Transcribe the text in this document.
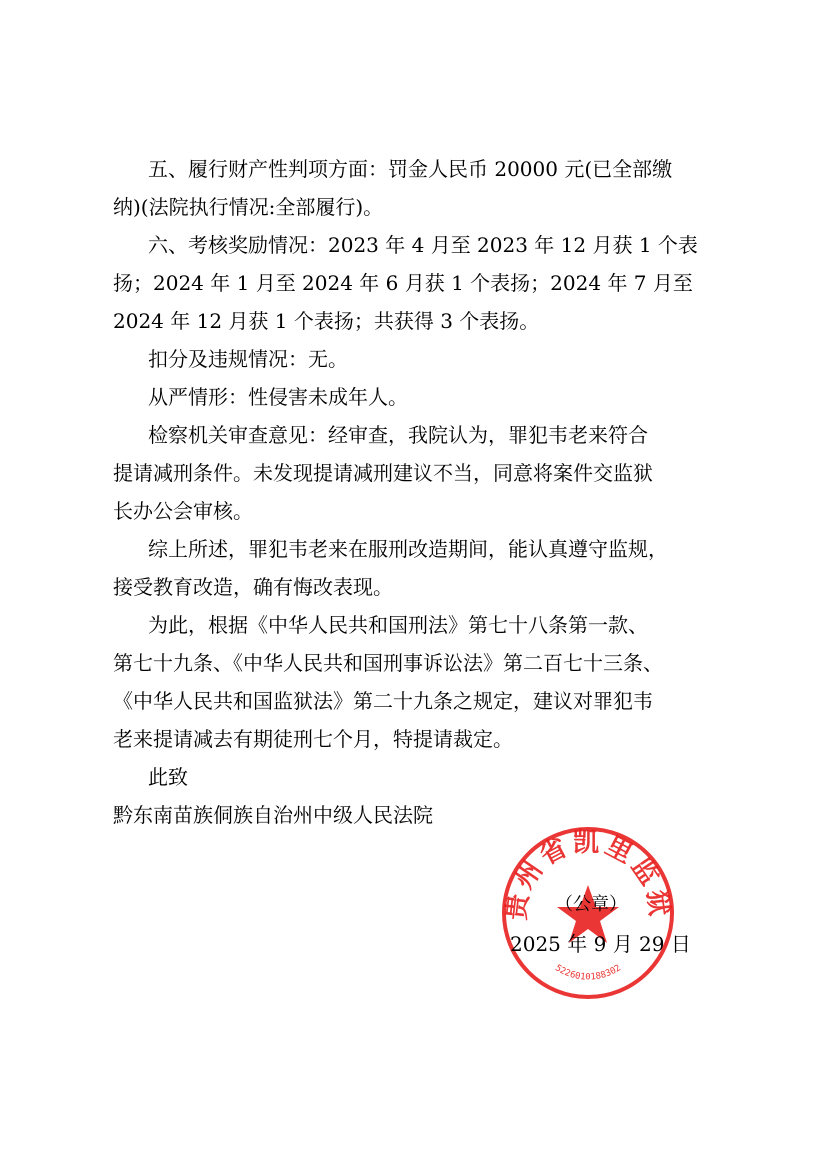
五、履行财产性判项方面：罚金人民币 20000 元(已全部缴
纳)(法院执行情况:全部履行)。
六、考核奖励情况：2023 年 4 月至 2023 年 12 月获 1 个表
扬；2024 年 1 月至 2024 年 6 月获 1 个表扬；2024 年 7 月至
2024 年 12 月获 1 个表扬；共获得 3 个表扬。
扣分及违规情况：无。
从严情形：性侵害未成年人。
检察机关审查意见：经审查，我院认为，罪犯韦老来符合
提请减刑条件。未发现提请减刑建议不当，同意将案件交监狱
长办公会审核。
综上所述，罪犯韦老来在服刑改造期间，能认真遵守监规，
接受教育改造，确有悔改表现。
为此，根据《中华人民共和国刑法》第七十八条第一款、
第七十九条、《中华人民共和国刑事诉讼法》第二百七十三条、
《中华人民共和国监狱法》第二十九条之规定，建议对罪犯韦
老来提请减去有期徒刑七个月，特提请裁定。
此致
黔东南苗族侗族自治州中级人民法院
贵州省凯里监狱
5226010188302
（公章）
2025 年 9 月 29 日
